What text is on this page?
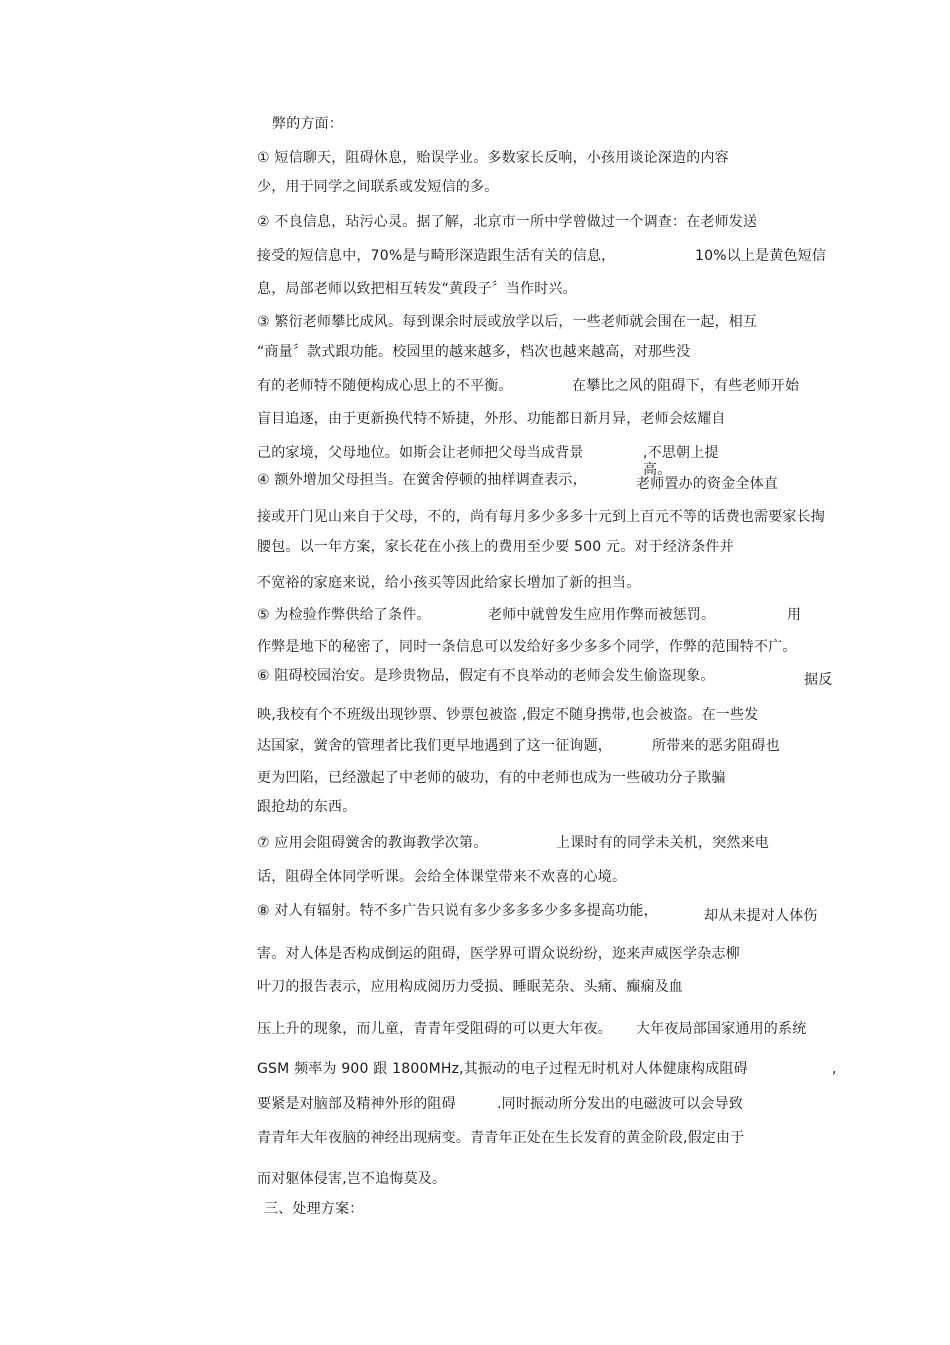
弊的方面：
① 短信聊天，阻碍休息，贻误学业。多数家长反响，小孩用谈论深造的内容
少，用于同学之间联系或发短信的多。
② 不良信息，玷污心灵。据了解，北京市一所中学曾做过一个调查：在老师发送
接受的短信息中，70%是与畸形深造跟生活有关的信息，	10%以上是黄色短信
息，局部老师以致把相互转发“黄段子〞当作时兴。
③ 繁衍老师攀比成风。每到课余时辰或放学以后，一些老师就会围在一起，相互
“商量〞款式跟功能。校园里的越来越多，档次也越来越高，对那些没
有的老师特不随便构成心思上的不平衡。	在攀比之风的阻碍下，有些老师开始
盲目追逐，由于更新换代特不矫捷，外形、功能都日新月异，老师会炫耀自
己的家境，父母地位。如斯会让老师把父母当成背景	,不思朝上提
高。
④ 额外增加父母担当。在黉舍停顿的抽样调查表示，	老师置办的资金全体直
接或开门见山来自于父母，不的，尚有每月多少多多十元到上百元不等的话费也需要家长掏
腰包。以一年方案，家长花在小孩上的费用至少要 500 元。对于经济条件并
不宽裕的家庭来说，给小孩买等因此给家长增加了新的担当。
⑤ 为检验作弊供给了条件。	老师中就曾发生应用作弊而被惩罚。	用
作弊是地下的秘密了，同时一条信息可以发给好多少多多个同学，作弊的范围特不广。
⑥ 阻碍校园治安。是珍贵物品，假定有不良举动的老师会发生偷盗现象。	据反
映,我校有个不班级出现钞票、钞票包被盗 ,假定不随身携带,也会被盗。在一些发
达国家，黉舍的管理者比我们更早地遇到了这一征询题，	所带来的恶劣阻碍也
更为凹陷，已经激起了中老师的破功，有的中老师也成为一些破功分子欺骗
跟抢劫的东西。
⑦ 应用会阻碍黉舍的教诲教学次第。	上课时有的同学未关机，突然来电
话，阻碍全体同学听课。会给全体课堂带来不欢喜的心境。
⑧ 对人有辐射。特不多广告只说有多少多多多少多多提高功能，	却从未提对人体伤
害。对人体是否构成倒运的阻碍，医学界可谓众说纷纷，迩来声威医学杂志柳
叶刀的报告表示，应用构成阅历力受损、睡眠芜杂、头痛、癫痫及血
压上升的现象，而儿童，青青年受阻碍的可以更大年夜。 大年夜局部国家通用的系统
GSM 频率为 900 跟 1800MHz,其振动的电子过程无时机对人体健康构成阻碍	,
要紧是对脑部及精神外形的阻碍	.同时振动所分发出的电磁波可以会导致
青青年大年夜脑的神经出现病变。青青年正处在生长发育的黄金阶段,假定由于
而对躯体侵害,岂不追悔莫及。
三、处理方案：
